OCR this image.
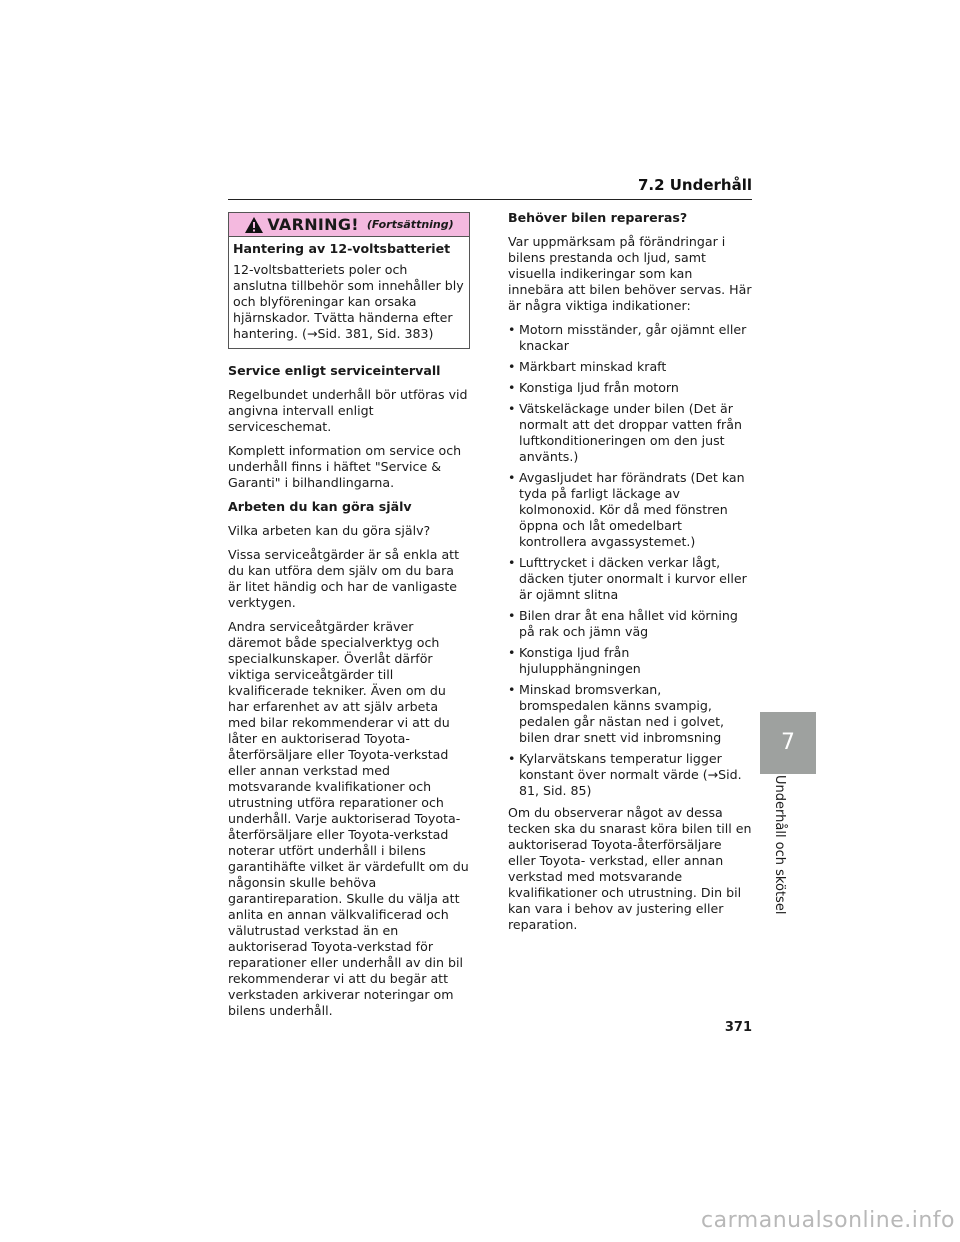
7.2 Underhåll
VARNING! (Fortsättning)
Hantering av 12-voltsbatteriet

12-voltsbatteriets poler och anslutna tillbehör som innehåller bly och blyföreningar kan orsaka hjärnskador. Tvätta händerna efter hantering. (→Sid. 381, Sid. 383)

Service enligt serviceintervall

Regelbundet underhåll bör utföras vid angivna intervall enligt serviceschemat.

Komplett information om service och underhåll finns i häftet "Service & Garanti" i bilhandlingarna.

Arbeten du kan göra själv

Vilka arbeten kan du göra själv?

Vissa serviceåtgärder är så enkla att du kan utföra dem själv om du bara är litet händig och har de vanligaste verktygen.

Andra serviceåtgärder kräver däremot både specialverktyg och specialkunskaper. Överlåt därför viktiga serviceåtgärder till kvalificerade tekniker. Även om du har erfarenhet av att själv arbeta med bilar rekommenderar vi att du låter en auktoriserad Toyota-återförsäljare eller Toyota-verkstad eller annan verkstad med motsvarande kvalifikationer och utrustning utföra reparationer och underhåll. Varje auktoriserad Toyota-återförsäljare eller Toyota-verkstad noterar utfört underhåll i bilens garantihäfte vilket är värdefullt om du någonsin skulle behöva garantireparation. Skulle du välja att anlita en annan välkvalificerad och välutrustad verkstad än en auktoriserad Toyota-verkstad för reparationer eller underhåll av din bil rekommenderar vi att du begär att verkstaden arkiverar noteringar om bilens underhåll.

Behöver bilen repareras?

Var uppmärksam på förändringar i bilens prestanda och ljud, samt visuella indikeringar som kan innebära att bilen behöver servas. Här är några viktiga indikationer:

• Motorn misständer, går ojämnt eller knackar
• Märkbart minskad kraft
• Konstiga ljud från motorn
• Vätskeläckage under bilen (Det är normalt att det droppar vatten från luftkonditioneringen om den just använts.)
• Avgasljudet har förändrats (Det kan tyda på farligt läckage av kolmonoxid. Kör då med fönstren öppna och låt omedelbart kontrollera avgassystemet.)
• Lufttrycket i däcken verkar lågt, däcken tjuter onormalt i kurvor eller är ojämnt slitna
• Bilen drar åt ena hållet vid körning på rak och jämn väg
• Konstiga ljud från hjulupphängningen
• Minskad bromsverkan, bromspedalen känns svampig, pedalen går nästan ned i golvet, bilen drar snett vid inbromsning
• Kylarvätskans temperatur ligger konstant över normalt värde (→Sid. 81, Sid. 85)

Om du observerar något av dessa tecken ska du snarast köra bilen till en auktoriserad Toyota-återförsäljare eller Toyota- verkstad, eller annan verkstad med motsvarande kvalifikationer och utrustning. Din bil kan vara i behov av justering eller reparation.

7
Underhåll och skötsel
371
carmanualsonline.info
